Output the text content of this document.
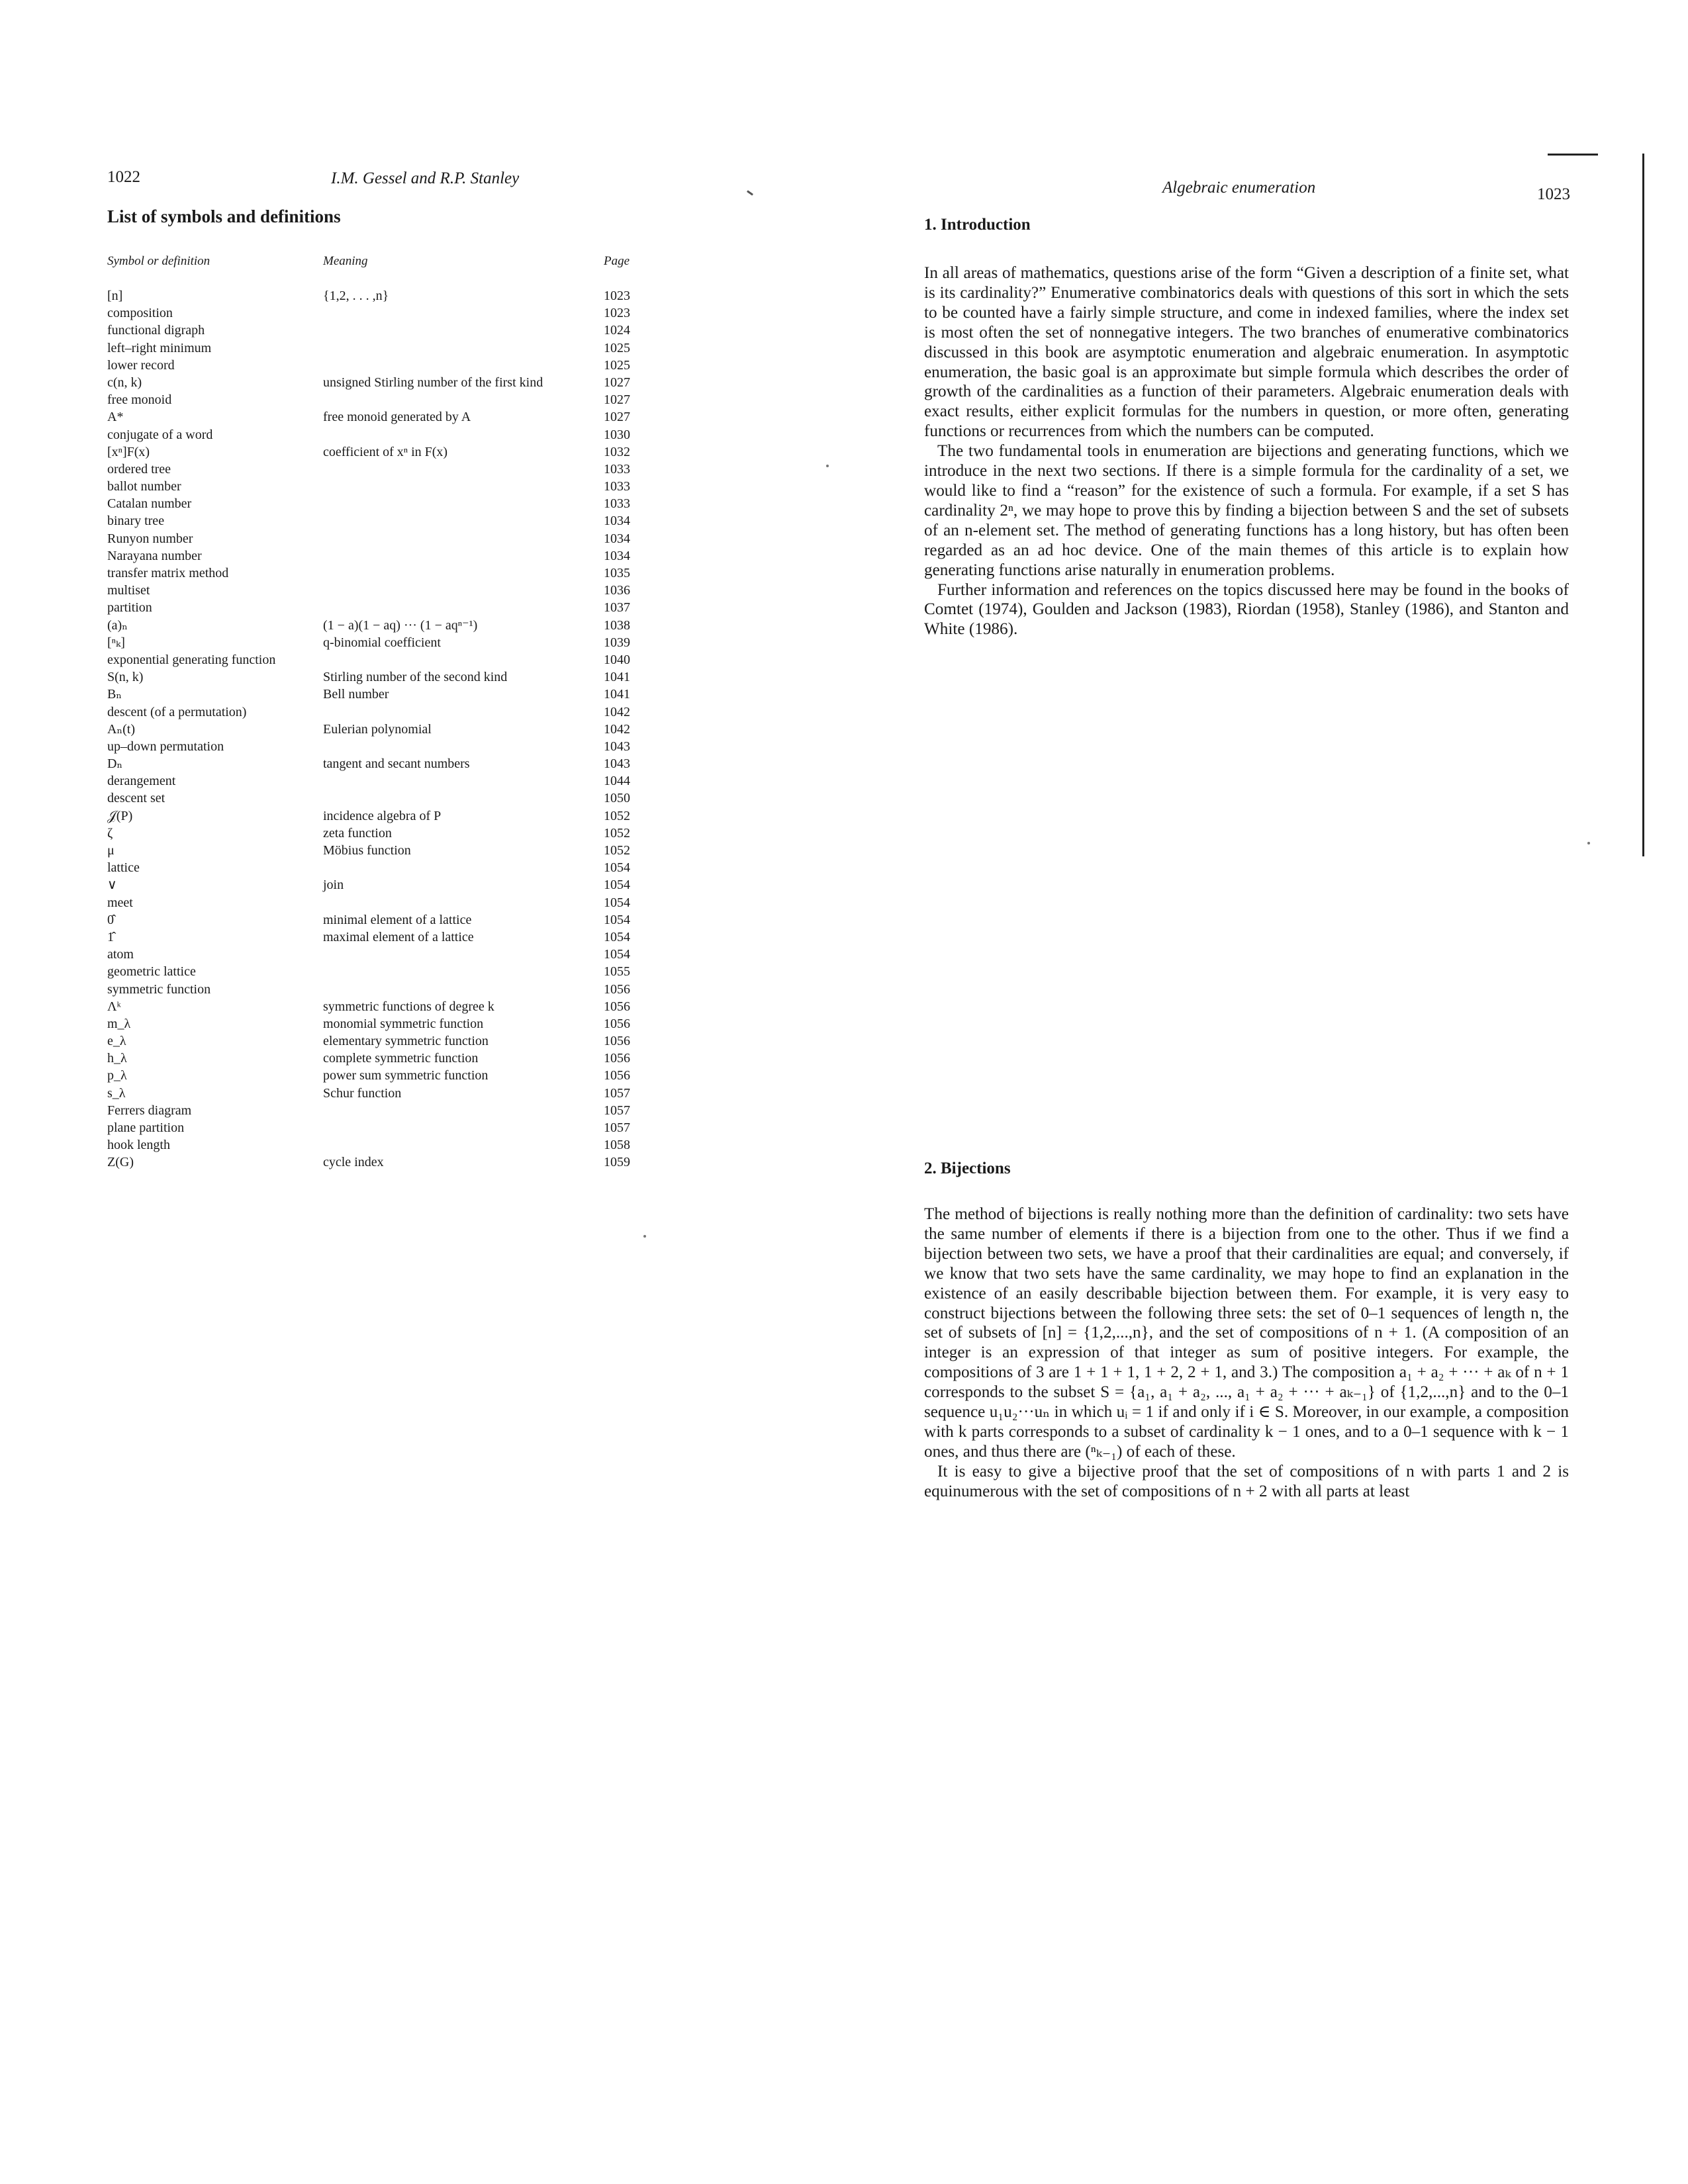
1022	I.M. Gessel and R.P. Stanley
List of symbols and definitions
Symbol or definition	Meaning	Page
[n]	{1,2, . . . ,n}	1023
composition	1023
functional digraph	1024
left–right minimum	1025
lower record	1025
c(n, k)	unsigned Stirling number of the first kind	1027
free monoid	1027
A*	free monoid generated by A	1027
conjugate of a word	1030
[xⁿ]F(x)	coefficient of xⁿ in F(x)	1032
ordered tree	1033
ballot number	1033
Catalan number	1033
binary tree	1034
Runyon number	1034
Narayana number	1034
transfer matrix method	1035
multiset	1036
partition	1037
(a)ₙ	(1 − a)(1 − aq) ··· (1 − aqⁿ⁻¹)	1038
[ⁿₖ]	q-binomial coefficient	1039
exponential generating function	1040
S(n, k)	Stirling number of the second kind	1041
Bₙ	Bell number	1041
descent (of a permutation)	1042
Aₙ(t)	Eulerian polynomial	1042
up–down permutation	1043
Dₙ	tangent and secant numbers	1043
derangement	1044
descent set	1050
𝒥(P)	incidence algebra of P	1052
ζ	zeta function	1052
μ	Möbius function	1052
lattice	1054
∨	join	1054
meet	1054
0̂	minimal element of a lattice	1054
1̂	maximal element of a lattice	1054
atom	1054
geometric lattice	1055
symmetric function	1056
Λᵏ	symmetric functions of degree k	1056
m_λ	monomial symmetric function	1056
e_λ	elementary symmetric function	1056
h_λ	complete symmetric function	1056
p_λ	power sum symmetric function	1056
s_λ	Schur function	1057
Ferrers diagram	1057
plane partition	1057
hook length	1058
Z(G)	cycle index	1059
Algebraic enumeration	1023
1. Introduction

In all areas of mathematics, questions arise of the form “Given a description of a finite set, what is its cardinality?” Enumerative combinatorics deals with questions of this sort in which the sets to be counted have a fairly simple structure, and come in indexed families, where the index set is most often the set of nonnegative integers. The two branches of enumerative combinatorics discussed in this book are asymptotic enumeration and algebraic enumeration. In asymptotic enumeration, the basic goal is an approximate but simple formula which describes the order of growth of the cardinalities as a function of their parameters. Algebraic enumeration deals with exact results, either explicit formulas for the numbers in question, or more often, generating functions or recurrences from which the numbers can be computed.

The two fundamental tools in enumeration are bijections and generating functions, which we introduce in the next two sections. If there is a simple formula for the cardinality of a set, we would like to find a “reason” for the existence of such a formula. For example, if a set S has cardinality 2ⁿ, we may hope to prove this by finding a bijection between S and the set of subsets of an n-element set. The method of generating functions has a long history, but has often been regarded as an ad hoc device. One of the main themes of this article is to explain how generating functions arise naturally in enumeration problems.

Further information and references on the topics discussed here may be found in the books of Comtet (1974), Goulden and Jackson (1983), Riordan (1958), Stanley (1986), and Stanton and White (1986).

2. Bijections

The method of bijections is really nothing more than the definition of cardinality: two sets have the same number of elements if there is a bijection from one to the other. Thus if we find a bijection between two sets, we have a proof that their cardinalities are equal; and conversely, if we know that two sets have the same cardinality, we may hope to find an explanation in the existence of an easily describable bijection between them. For example, it is very easy to construct bijections between the following three sets: the set of 0–1 sequences of length n, the set of subsets of [n] = {1,2,...,n}, and the set of compositions of n + 1. (A composition of an integer is an expression of that integer as sum of positive integers. For example, the compositions of 3 are 1 + 1 + 1, 1 + 2, 2 + 1, and 3.) The composition a₁ + a₂ + ··· + aₖ of n + 1 corresponds to the subset S = {a₁, a₁ + a₂, ..., a₁ + a₂ + ··· + aₖ₋₁} of {1,2,...,n} and to the 0–1 sequence u₁u₂···uₙ in which uᵢ = 1 if and only if i ∈ S. Moreover, in our example, a composition with k parts corresponds to a subset of cardinality k − 1 ones, and to a 0–1 sequence with k − 1 ones, and thus there are (ⁿₖ₋₁) of each of these.

It is easy to give a bijective proof that the set of compositions of n with parts 1 and 2 is equinumerous with the set of compositions of n + 2 with all parts at least
